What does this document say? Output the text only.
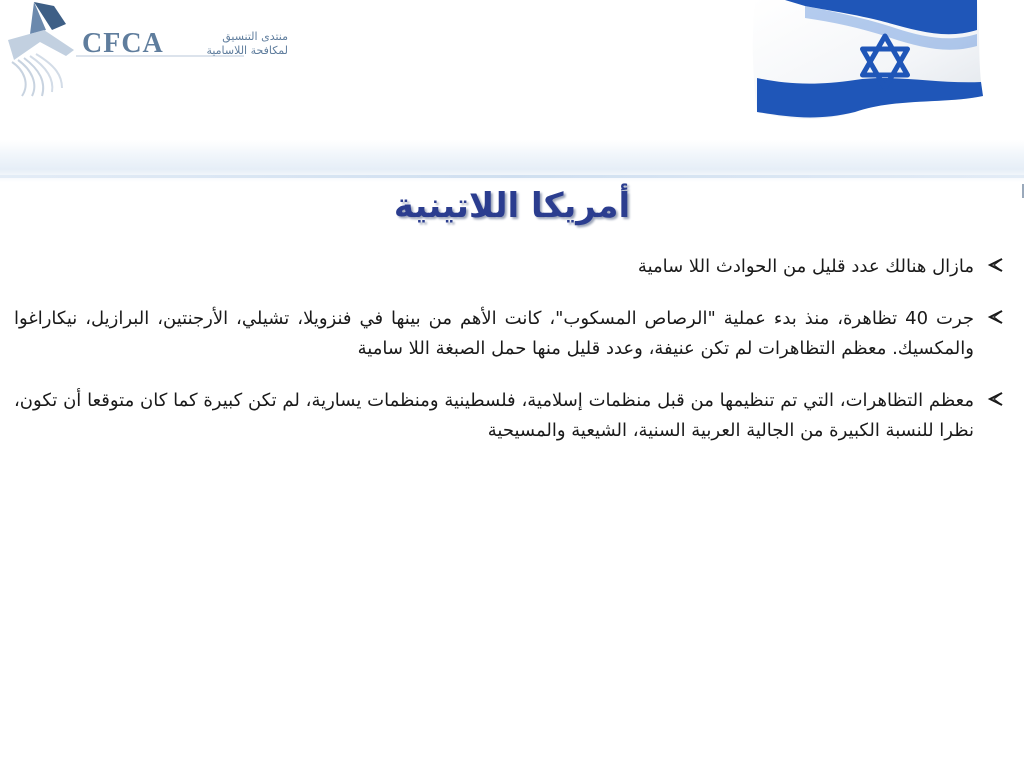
CFCA	منتدى التنسيق
لمكافحة اللاسامية
أمريكا اللاتينية
مازال هنالك عدد قليل من الحوادث اللا سامية
جرت 40 تظاهرة، منذ بدء عملية "الرصاص المسكوب"، كانت الأهم من بينها في فنزويلا، تشيلي، الأرجنتين، البرازيل، نيكاراغوا والمكسيك. معظم التظاهرات لم تكن عنيفة، وعدد قليل منها حمل الصبغة اللا سامية
معظم التظاهرات، التي تم تنظيمها من قبل منظمات إسلامية، فلسطينية ومنظمات يسارية، لم تكن كبيرة كما كان متوقعا أن تكون، نظرا للنسبة الكبيرة من الجالية العربية السنية، الشيعية والمسيحية
